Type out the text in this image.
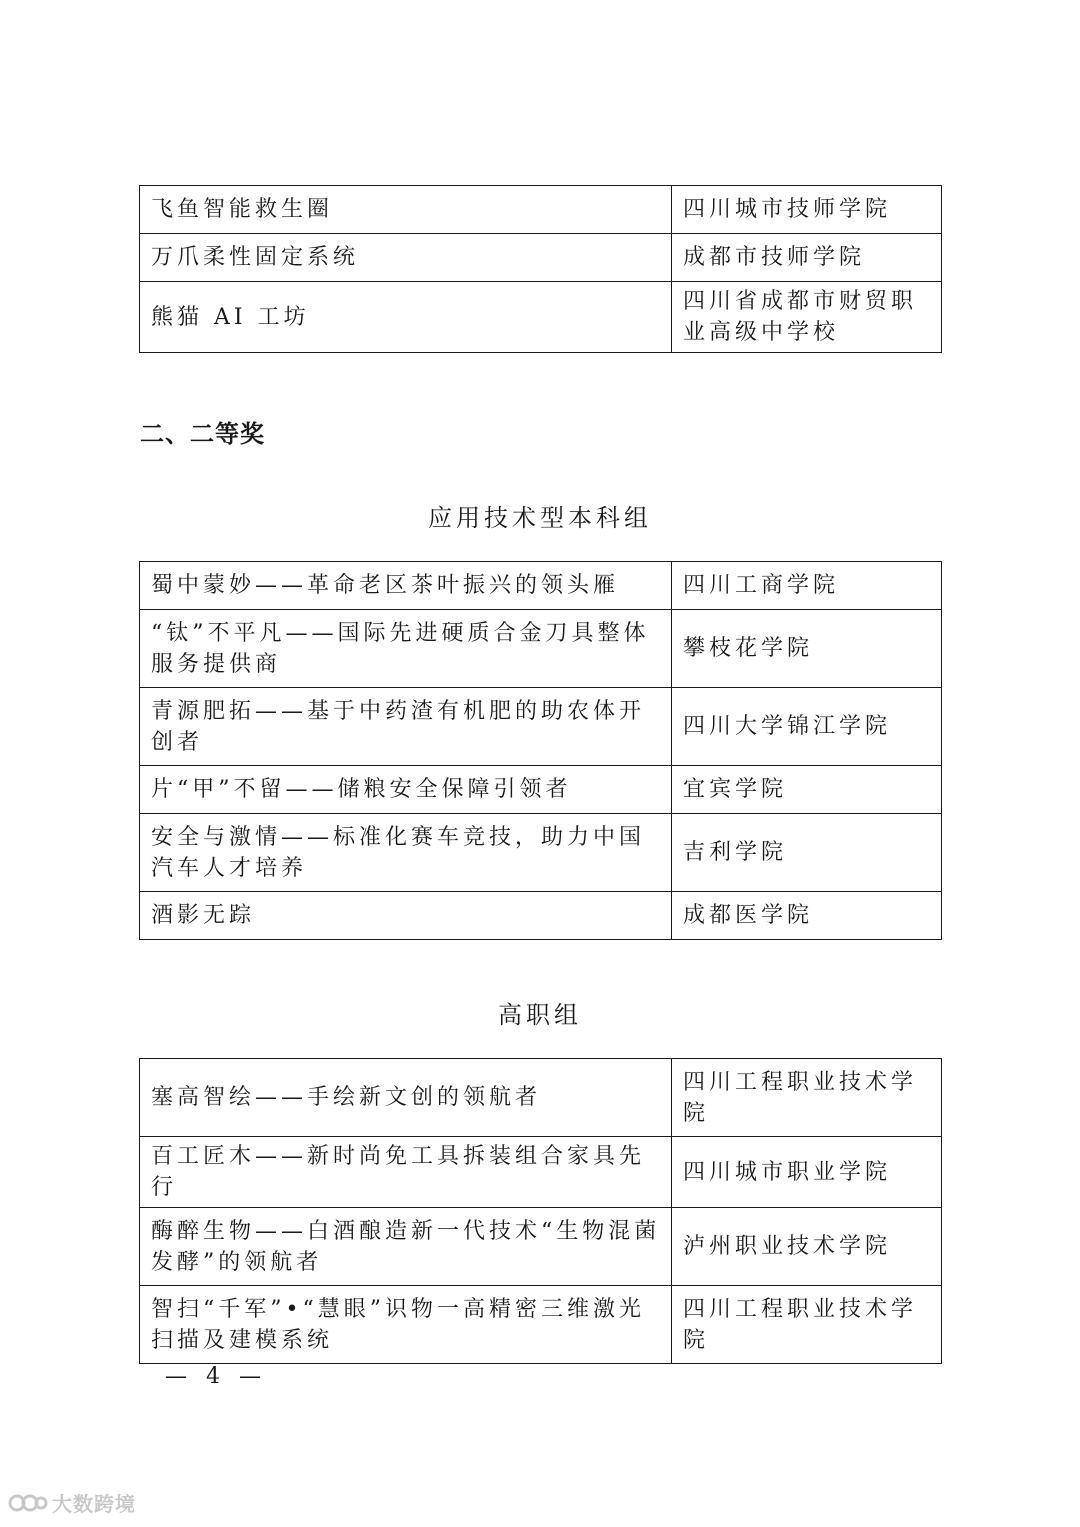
飞鱼智能救生圈	四川城市技师学院
万爪柔性固定系统	成都市技师学院
熊猫 AI 工坊	四川省成都市财贸职业高级中学校
二、二等奖
应用技术型本科组
蜀中蒙妙——革命老区茶叶振兴的领头雁	四川工商学院
“钛”不平凡——国际先进硬质合金刀具整体服务提供商	攀枝花学院
青源肥拓——基于中药渣有机肥的助农体开创者	四川大学锦江学院
片“甲”不留——储粮安全保障引领者	宜宾学院
安全与激情——标准化赛车竞技，助力中国汽车人才培养	吉利学院
酒影无踪	成都医学院
高职组
塞高智绘——手绘新文创的领航者	四川工程职业技术学院
百工匠木——新时尚免工具拆装组合家具先行	四川城市职业学院
酶醉生物——白酒酿造新一代技术“生物混菌发酵”的领航者	泸州职业技术学院
智扫“千军”•“慧眼”识物一高精密三维激光扫描及建模系统	四川工程职业技术学院
— 4 —
大数跨境
